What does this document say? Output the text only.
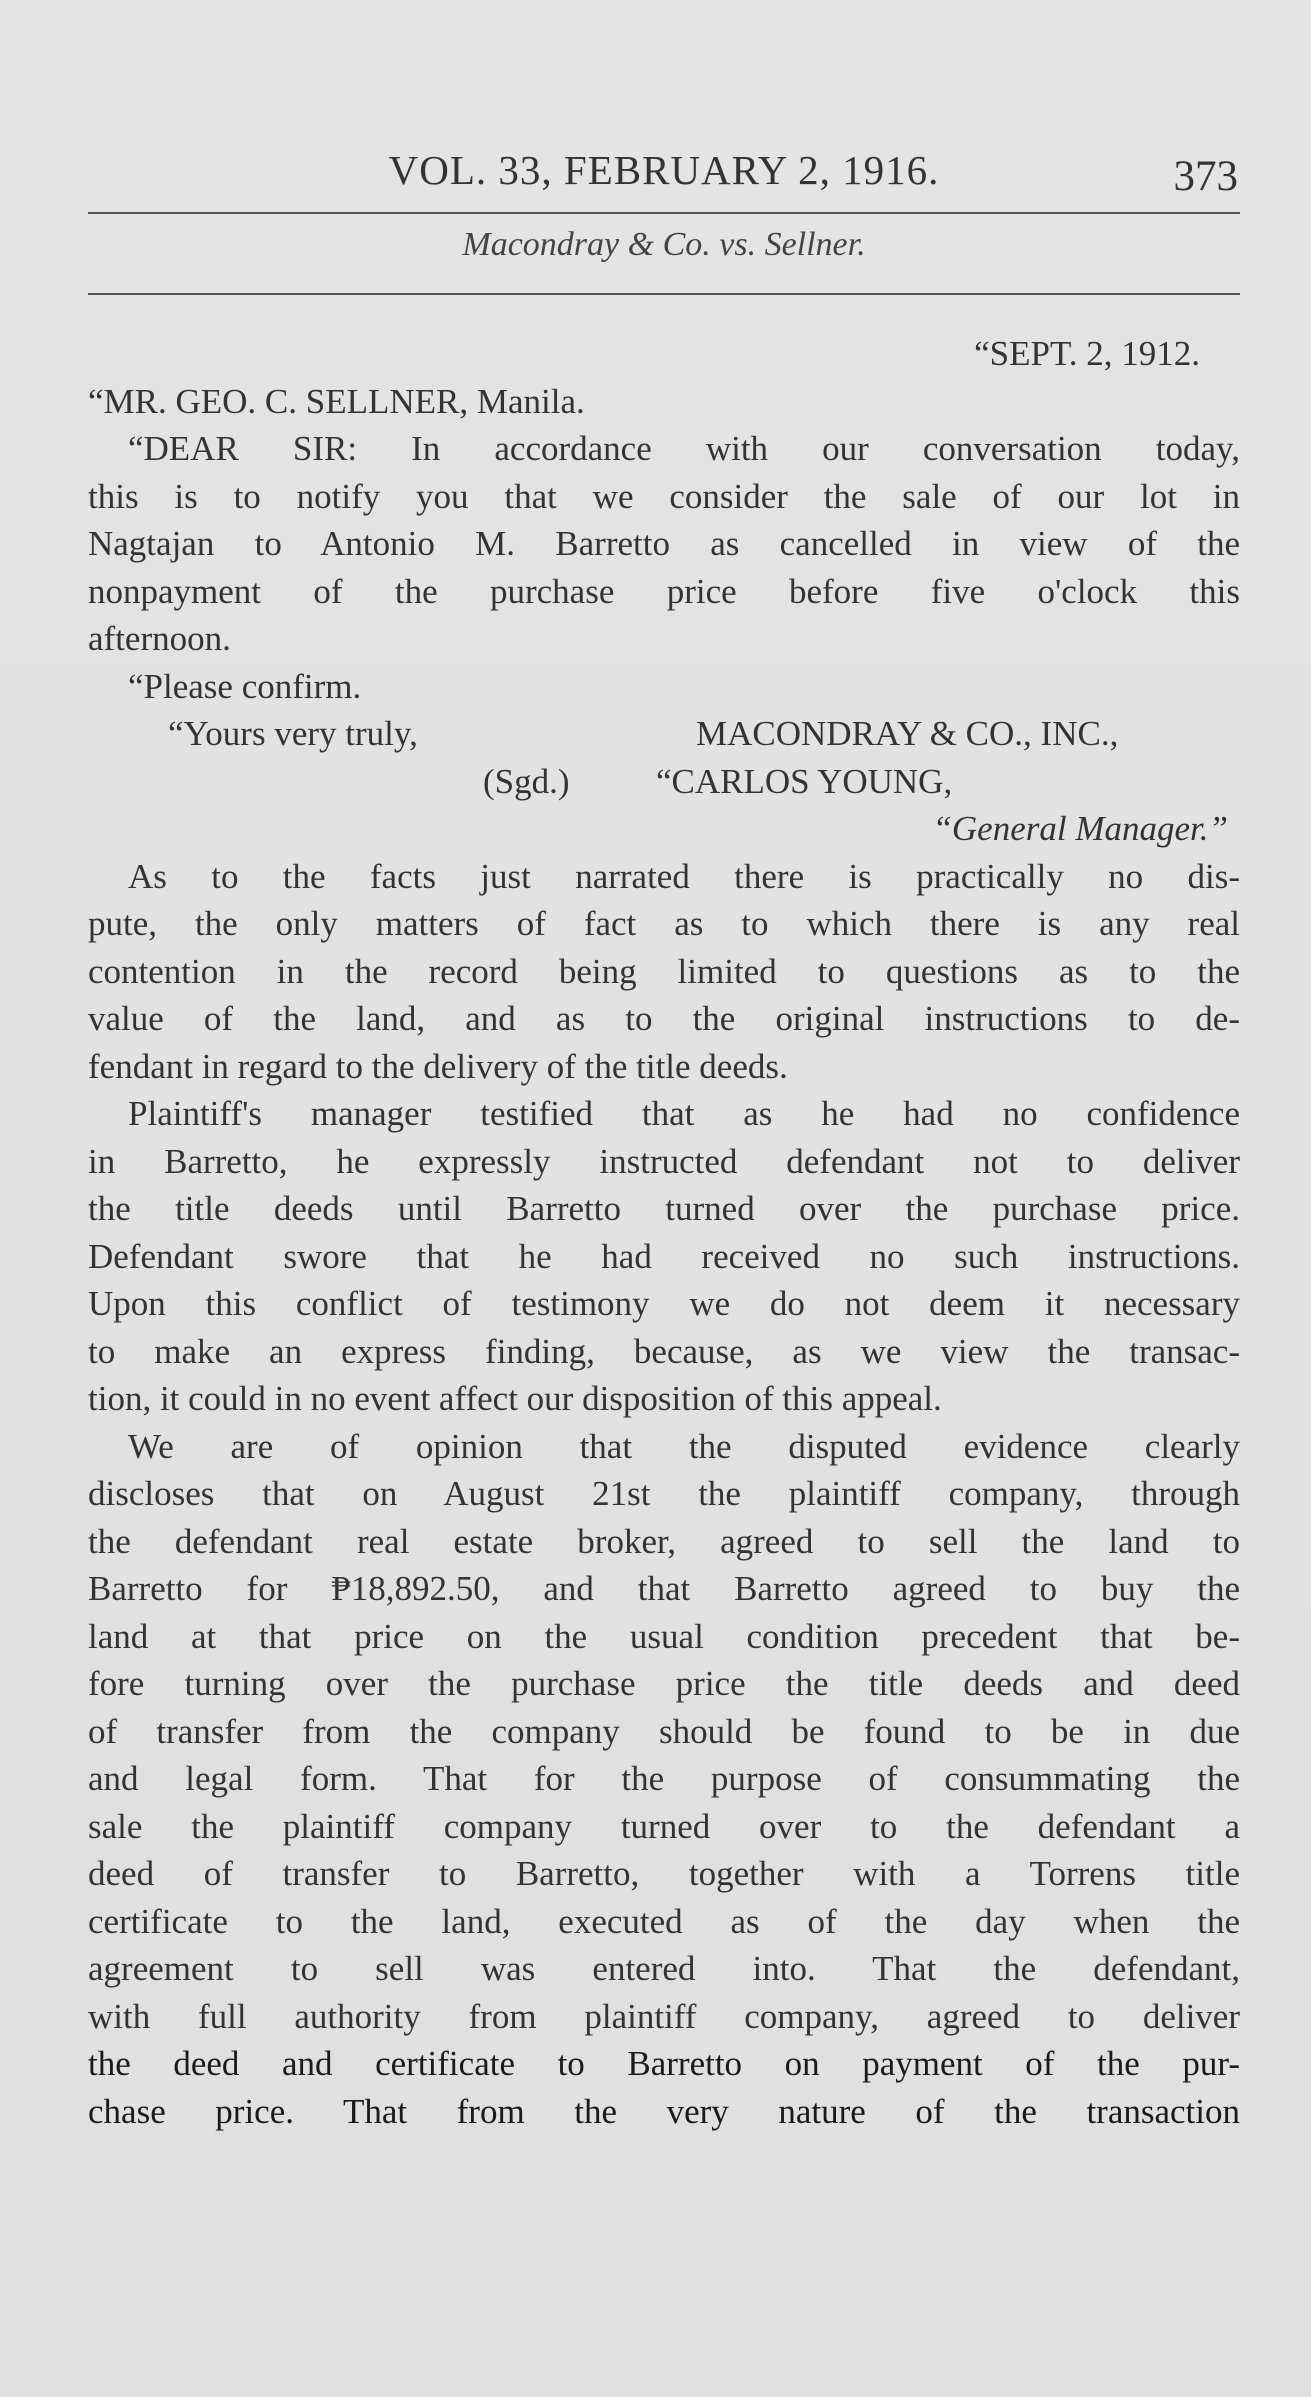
VOL. 33, FEBRUARY 2, 1916.	373
Macondray & Co. vs. Sellner.
“SEPT. 2, 1912.
“MR. GEO. C. SELLNER, Manila.
“DEAR SIR: In accordance with our conversation today,
this is to notify you that we consider the sale of our lot in
Nagtajan to Antonio M. Barretto as cancelled in view of the
nonpayment of the purchase price before five o'clock this
afternoon.
“Please confirm.
“Yours very truly,	MACONDRAY & CO., INC.,
(Sgd.) “CARLOS YOUNG,
“General Manager.”
As to the facts just narrated there is practically no dis-
pute, the only matters of fact as to which there is any real
contention in the record being limited to questions as to the
value of the land, and as to the original instructions to de-
fendant in regard to the delivery of the title deeds.
Plaintiff's manager testified that as he had no confidence
in Barretto, he expressly instructed defendant not to deliver
the title deeds until Barretto turned over the purchase price.
Defendant swore that he had received no such instructions.
Upon this conflict of testimony we do not deem it necessary
to make an express finding, because, as we view the transac-
tion, it could in no event affect our disposition of this appeal.
We are of opinion that the disputed evidence clearly
discloses that on August 21st the plaintiff company, through
the defendant real estate broker, agreed to sell the land to
Barretto for ₱18,892.50, and that Barretto agreed to buy the
land at that price on the usual condition precedent that be-
fore turning over the purchase price the title deeds and deed
of transfer from the company should be found to be in due
and legal form. That for the purpose of consummating the
sale the plaintiff company turned over to the defendant a
deed of transfer to Barretto, together with a Torrens title
certificate to the land, executed as of the day when the
agreement to sell was entered into. That the defendant,
with full authority from plaintiff company, agreed to deliver
the deed and certificate to Barretto on payment of the pur-
chase price. That from the very nature of the transaction
